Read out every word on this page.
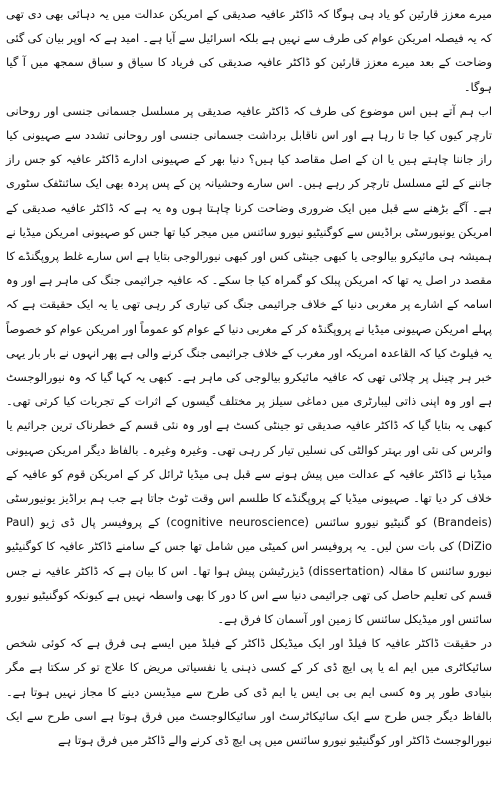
میرے معزز قارئین کو یاد ہی ہوگا کہ ڈاکٹر عافیہ صدیقی کے امریکن عدالت میں یہ دہائی بھی دی تھی کہ یہ فیصلہ امریکن عوام کی طرف سے نہیں ہے بلکہ اسرائیل سے آیا ہے۔ امید ہے کہ اوپر بیان کی گئی وضاحت کے بعد میرے معزز قارئین کو ڈاکٹر عافیہ صدیقی کی فریاد کا سیاق و سباق سمجھ میں آ گیا ہوگا۔

اب ہم آتے ہیں اس موضوع کی طرف کہ ڈاکٹر عافیہ صدیقی پر مسلسل جسمانی جنسی اور روحانی تارچر کیوں کیا جا تا رہا ہے اور اس ناقابل برداشت جسمانی جنسی اور روحانی تشدد سے صہیونی کیا راز جاننا چاہتے ہیں یا ان کے اصل مقاصد کیا ہیں؟ دنیا بھر کے صہیونی ادارے ڈاکٹر عافیہ کو جس راز جاننے کے لئے مسلسل تارچر کر رہے ہیں۔ اس سارے وحشیانہ پن کے پس پردہ بھی ایک سائنٹفک سٹوری ہے۔ آگے بڑھنے سے قبل میں ایک ضروری وضاحت کرنا چاہتا ہوں وہ یہ ہے کہ ڈاکٹر عافیہ صدیقی کے امریکن یونیورسٹی براڈیس سے کوگنیٹیو نیورو سائنس میں میجر کیا تھا جس کو صہیونی امریکن میڈیا نے ہمیشہ ہی مائیکرو بیالوجی یا کبھی جینٹی کس اور کبھی نیورالوجی بتایا ہے اس سارے غلط پروپگنڈے کا مقصد در اصل یہ تھا کہ امریکن پبلک کو گمراہ کیا جا سکے۔ کہ عافیہ جراثیمی جنگ کی ماہر ہے اور وہ اسامہ کے اشارے پر مغربی دنیا کے خلاف جراثیمی جنگ کی تیاری کر رہی تھی یا یہ ایک حقیقت ہے کہ پہلے امریکن صہیونی میڈیا نے پروپگنڈہ کر کے مغربی دنیا کے عوام کو عموماً اور امریکن عوام کو خصوصاً یہ فیلوٹ کیا کہ القاعدہ امریکہ اور مغرب کے خلاف جراثیمی جنگ کرنے والی ہے پھر انہوں نے بار بار یہی خبر ہر چینل پر چلائی تھی کہ عافیہ مائیکرو بیالوجی کی ماہر ہے۔ کبھی یہ کہا گیا کہ وہ نیورالوجسٹ ہے اور وہ اپنی ذاتی لیبارٹری میں دماغی سیلز پر مختلف گیسوں کے اثرات کے تجربات کیا کرتی تھی۔ کبھی یہ بتایا گیا کہ ڈاکٹر عافیہ صدیقی تو جینٹی کسٹ ہے اور وہ نئی قسم کے خطرناک ترین جراثیم یا وائرس کی نئی اور بہتر کوالٹی کی نسلیں تیار کر رہی تھی۔ وغیرہ وغیرہ۔ بالفاظ دیگر امریکن صہیونی میڈیا نے ڈاکٹر عافیہ کے عدالت میں پیش ہونے سے قبل ہی میڈیا ٹرائل کر کے امریکن قوم کو عافیہ کے خلاف کر دیا تھا۔ صہیونی میڈیا کے پروپگنڈے کا طلسم اس وقت ٹوٹ جاتا ہے جب ہم براڈیز یونیورسٹی (Brandeis) کو گنیٹیو نیورو سائنس (cognitive neuroscience) کے پروفیسر پال ڈی ژیو (Paul DiZio) کی بات سن لیں۔ یہ پروفیسر اس کمیٹی میں شامل تھا جس کے سامنے ڈاکٹر عافیہ کا کوگنیٹیو نیورو سائنس کا مقالہ (dissertation) ڈیزرٹیشن پیش ہوا تھا۔ اس کا بیان ہے کہ ڈاکٹر عافیہ نے جس قسم کی تعلیم حاصل کی تھی جراثیمی دنیا سے اس کا دور کا بھی واسطہ نہیں ہے کیونکہ کوگنیٹیو نیورو سائنس اور میڈیکل سائنس کا زمین اور آسمان کا فرق ہے۔

در حقیقت ڈاکٹر عافیہ کا فیلڈ اور ایک میڈیکل ڈاکٹر کے فیلڈ میں ایسے ہی فرق ہے کہ کوئی شخص سائیکاٹری میں ایم اے یا پی ایچ ڈی کر کے کسی ذہنی یا نفسیاتی مریض کا علاج تو کر سکتا ہے مگر بنیادی طور پر وہ کسی ایم بی بی ایس یا ایم ڈی کی طرح سے میڈیسن دینے کا مجاز نہیں ہوتا ہے۔ بالفاظ دیگر جس طرح سے ایک سائیکاٹرسٹ اور سائیکالوجسٹ میں فرق ہوتا ہے اسی طرح سے ایک نیورالوجسٹ ڈاکٹر اور کوگنیٹیو نیورو سائنس میں پی ایچ ڈی کرنے والے ڈاکٹر میں فرق ہوتا ہے
